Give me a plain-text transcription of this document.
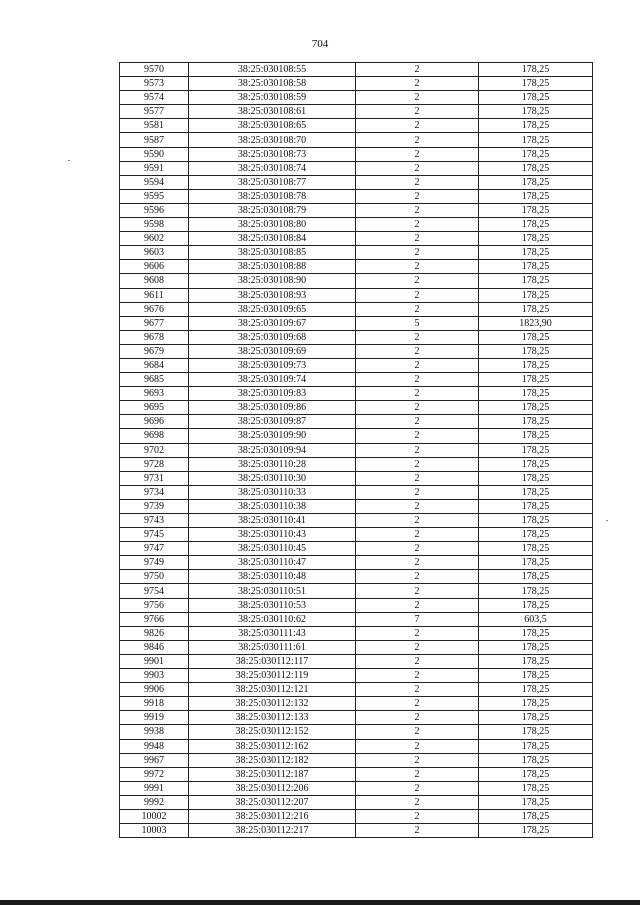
704
9570	38:25:030108:55	2	178,25
9573	38:25:030108:58	2	178,25
9574	38:25:030108:59	2	178,25
9577	38:25:030108:61	2	178,25
9581	38:25:030108:65	2	178,25
9587	38:25:030108:70	2	178,25
9590	38:25:030108:73	2	178,25
9591	38:25:030108:74	2	178,25
9594	38:25:030108:77	2	178,25
9595	38:25:030108:78	2	178,25
9596	38:25:030108:79	2	178,25
9598	38:25:030108:80	2	178,25
9602	38:25:030108:84	2	178,25
9603	38:25:030108:85	2	178,25
9606	38:25:030108:88	2	178,25
9608	38:25:030108:90	2	178,25
9611	38:25:030108:93	2	178,25
9676	38:25:030109:65	2	178,25
9677	38:25:030109:67	5	1823,90
9678	38:25:030109:68	2	178,25
9679	38:25:030109:69	2	178,25
9684	38:25:030109:73	2	178,25
9685	38:25:030109:74	2	178,25
9693	38:25:030109:83	2	178,25
9695	38:25:030109:86	2	178,25
9696	38:25:030109:87	2	178,25
9698	38:25:030109:90	2	178,25
9702	38:25:030109:94	2	178,25
9728	38:25:030110:28	2	178,25
9731	38:25:030110:30	2	178,25
9734	38:25:030110:33	2	178,25
9739	38:25:030110:38	2	178,25
9743	38:25:030110:41	2	178,25
9745	38:25:030110:43	2	178,25
9747	38:25:030110:45	2	178,25
9749	38:25:030110:47	2	178,25
9750	38:25:030110:48	2	178,25
9754	38:25:030110:51	2	178,25
9756	38:25:030110:53	2	178,25
9766	38:25:030110:62	7	603,5
9826	38:25:030111:43	2	178,25
9846	38:25:030111:61	2	178,25
9901	38:25:030112:117	2	178,25
9903	38:25:030112:119	2	178,25
9906	38:25:030112:121	2	178,25
9918	38:25:030112:132	2	178,25
9919	38:25:030112:133	2	178,25
9938	38:25:030112:152	2	178,25
9948	38:25:030112:162	2	178,25
9967	38:25:030112:182	2	178,25
9972	38:25:030112:187	2	178,25
9991	38:25:030112:206	2	178,25
9992	38:25:030112:207	2	178,25
10002	38:25:030112:216	2	178,25
10003	38:25:030112:217	2	178,25
